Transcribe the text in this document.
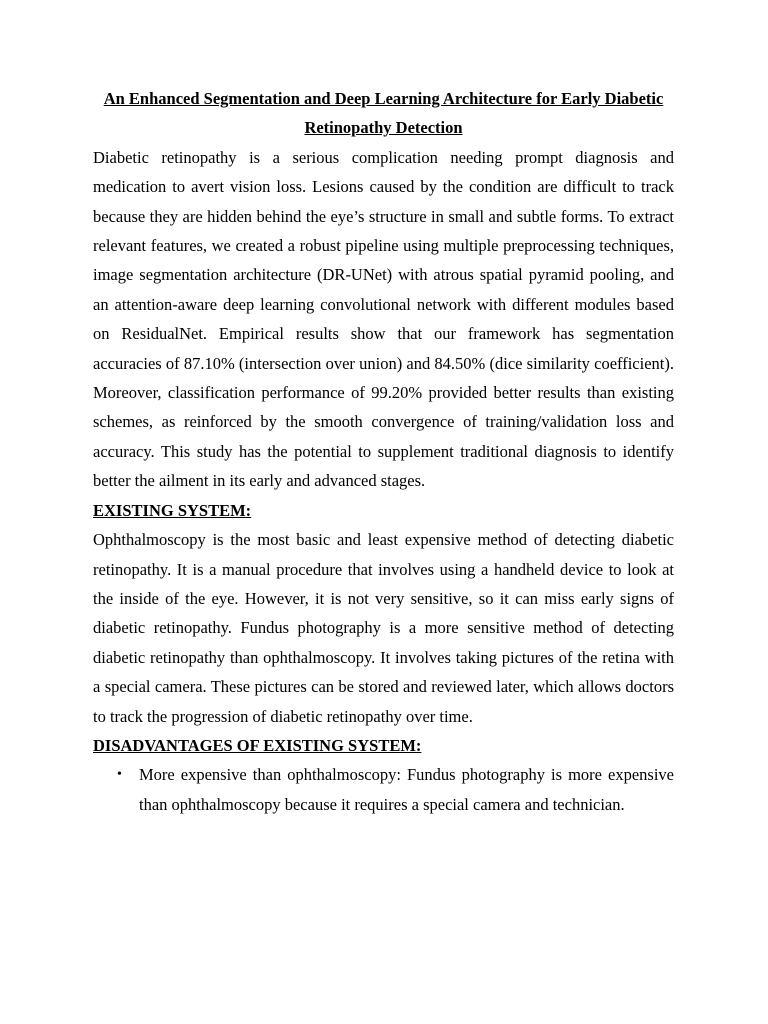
An Enhanced Segmentation and Deep Learning Architecture for Early Diabetic Retinopathy Detection

Diabetic retinopathy is a serious complication needing prompt diagnosis and medication to avert vision loss. Lesions caused by the condition are difficult to track because they are hidden behind the eye’s structure in small and subtle forms. To extract relevant features, we created a robust pipeline using multiple preprocessing techniques, image segmentation architecture (DR-UNet) with atrous spatial pyramid pooling, and an attention-aware deep learning convolutional network with different modules based on ResidualNet. Empirical results show that our framework has segmentation accuracies of 87.10% (intersection over union) and 84.50% (dice similarity coefficient). Moreover, classification performance of 99.20% provided better results than existing schemes, as reinforced by the smooth convergence of training/validation loss and accuracy. This study has the potential to supplement traditional diagnosis to identify better the ailment in its early and advanced stages.

EXISTING SYSTEM:

Ophthalmoscopy is the most basic and least expensive method of detecting diabetic retinopathy. It is a manual procedure that involves using a handheld device to look at the inside of the eye. However, it is not very sensitive, so it can miss early signs of diabetic retinopathy. Fundus photography is a more sensitive method of detecting diabetic retinopathy than ophthalmoscopy. It involves taking pictures of the retina with a special camera. These pictures can be stored and reviewed later, which allows doctors to track the progression of diabetic retinopathy over time.

DISADVANTAGES OF EXISTING SYSTEM:

• More expensive than ophthalmoscopy: Fundus photography is more expensive than ophthalmoscopy because it requires a special camera and technician.
